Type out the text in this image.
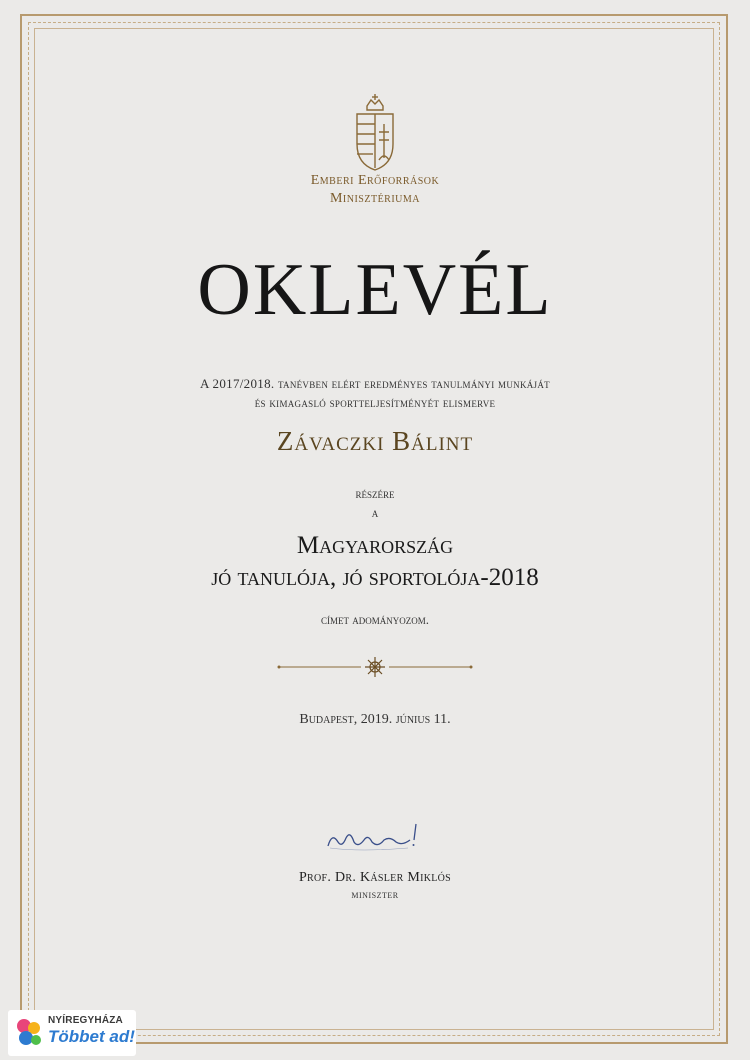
Emberi Erőforrások
Minisztériuma
OKLEVÉL
A 2017/2018. tanévben elért eredményes tanulmányi munkáját
és kimagasló sportteljesítményét elismerve
Závaczki Bálint
részére
a
Magyarország
jó tanulója, jó sportolója-2018
címet adományozom.
Budapest, 2019. június 11.
Prof. Dr. Kásler Miklós
miniszter
NYÍREGYHÁZA
Többet ad!
